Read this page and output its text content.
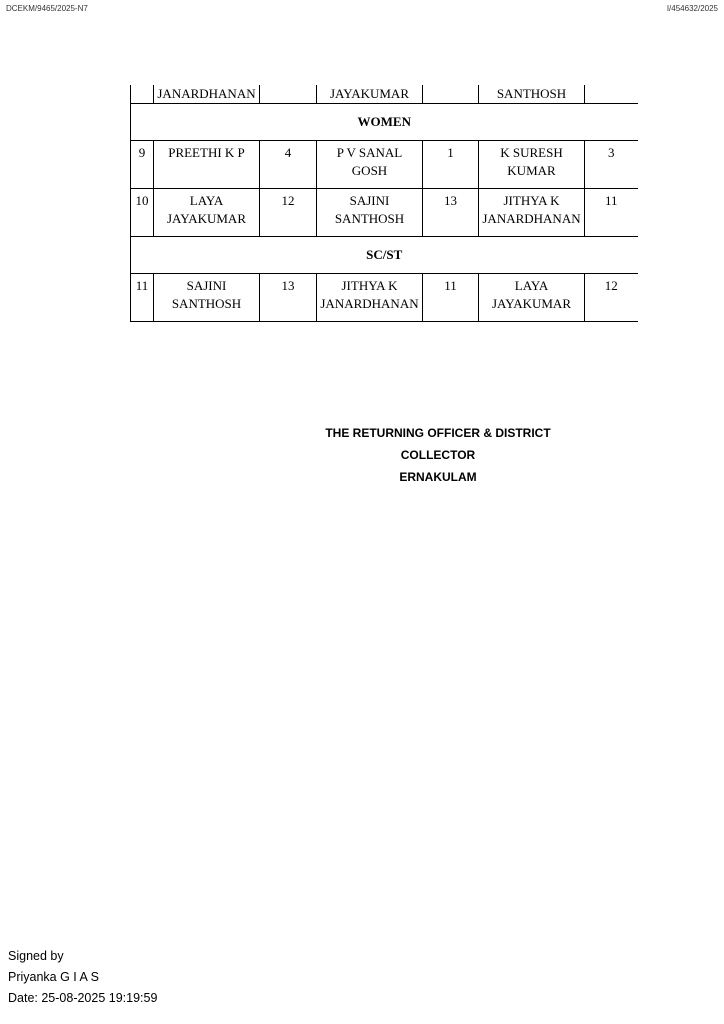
DCEKM/9465/2025-N7	I/454632/2025
	JANARDHANAN		JAYAKUMAR		SANTHOSH	
WOMEN						
9	PREETHI K P	4	P V SANAL GOSH	1	K SURESH KUMAR	3
10	LAYA JAYAKUMAR	12	SAJINI SANTHOSH	13	JITHYA K JANARDHANAN	11
SC/ST						
11	SAJINI SANTHOSH	13	JITHYA K JANARDHANAN	11	LAYA JAYAKUMAR	12
THE RETURNING OFFICER & DISTRICT COLLECTOR
ERNAKULAM
Signed by
Priyanka G I A S
Date: 25-08-2025 19:19:59
